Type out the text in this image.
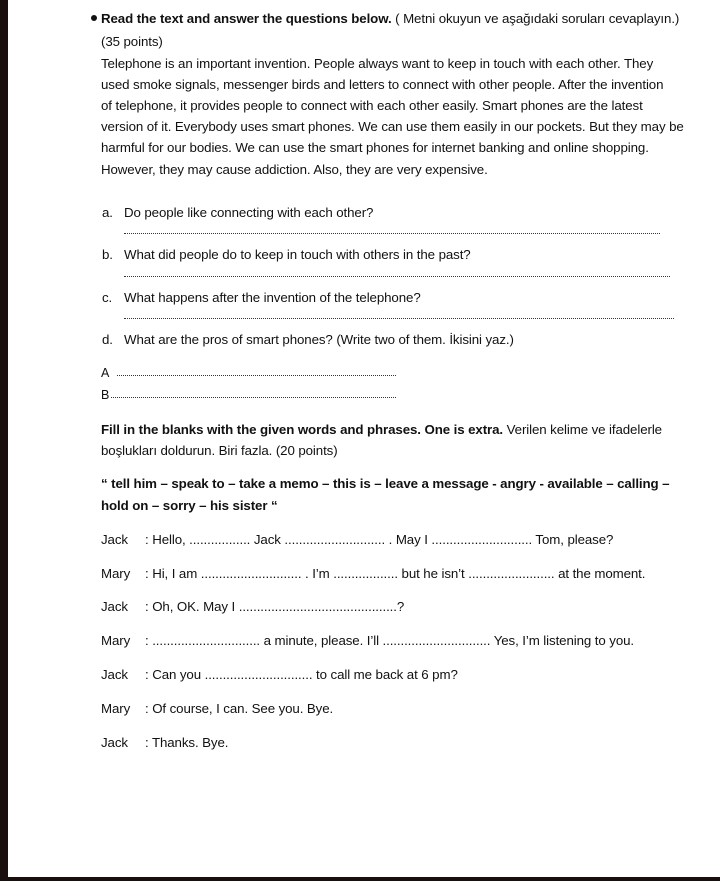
Read the text and answer the questions below. ( Metni okuyun ve aşağıdaki soruları cevaplayın.)
(35 points)
Telephone is an important invention. People always want to keep in touch with each other. They
used smoke signals, messenger birds and letters to connect with other people. After the invention
of telephone, it provides people to connect with each other easily. Smart phones are the latest
version of it. Everybody uses smart phones. We can use them easily in our pockets. But they may be
harmful for our bodies. We can use the smart phones for internet banking and online shopping.
However, they may cause addiction. Also, they are very expensive.
a. Do people like connecting with each other?
b. What did people do to keep in touch with others in the past?
c. What happens after the invention of the telephone?
d. What are the pros of smart phones? (Write two of them. İkisini yaz.)
A
B
Fill in the blanks with the given words and phrases. One is extra. Verilen kelime ve ifadelerle
boşlukları doldurun. Biri fazla. (20 points)
“ tell him – speak to – take a memo – this is – leave a message - angry - available – calling –
hold on – sorry – his sister “
Jack : Hello, ................. Jack ............................ . May I ............................ Tom, please?
Mary : Hi, I am ............................ . I’m .................. but he isn’t ........................ at the moment.
Jack : Oh, OK. May I ............................................?
Mary : .............................. a minute, please. I’ll .............................. Yes, I’m listening to you.
Jack : Can you .............................. to call me back at 6 pm?
Mary : Of course, I can. See you. Bye.
Jack : Thanks. Bye.
